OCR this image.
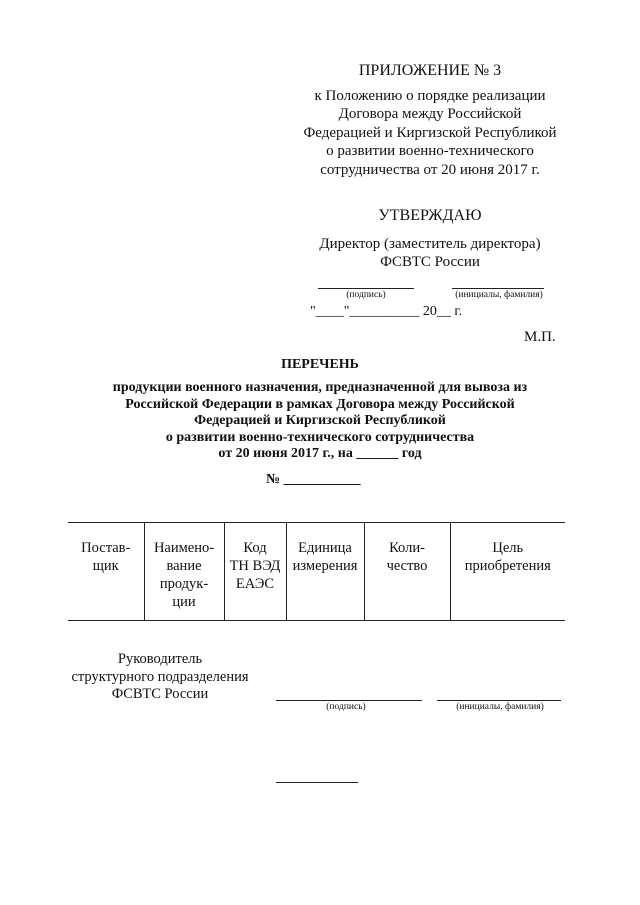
ПРИЛОЖЕНИЕ № 3
к Положению о порядке реализации
Договора между Российской
Федерацией и Киргизской Республикой
о развитии военно-технического
сотрудничества от 20 июня 2017 г.
УТВЕРЖДАЮ
Директор (заместитель директора)
ФСВТС России
(подпись)	(инициалы, фамилия)
"____"__________ 20__ г.
М.П.
ПЕРЕЧЕНЬ
продукции военного назначения, предназначенной для вывоза из
Российской Федерации в рамках Договора между Российской
Федерацией и Киргизской Республикой
о развитии военно-технического сотрудничества
от 20 июня 2017 г., на ______ год
№ ___________
Постав-
щик

Наимено-
вание
продук-
ции

Код
ТН ВЭД
ЕАЭС

Единица
измерения

Коли-
чество

Цель
приобретения
Руководитель
структурного подразделения
ФСВТС России
(подпись)	(инициалы, фамилия)
